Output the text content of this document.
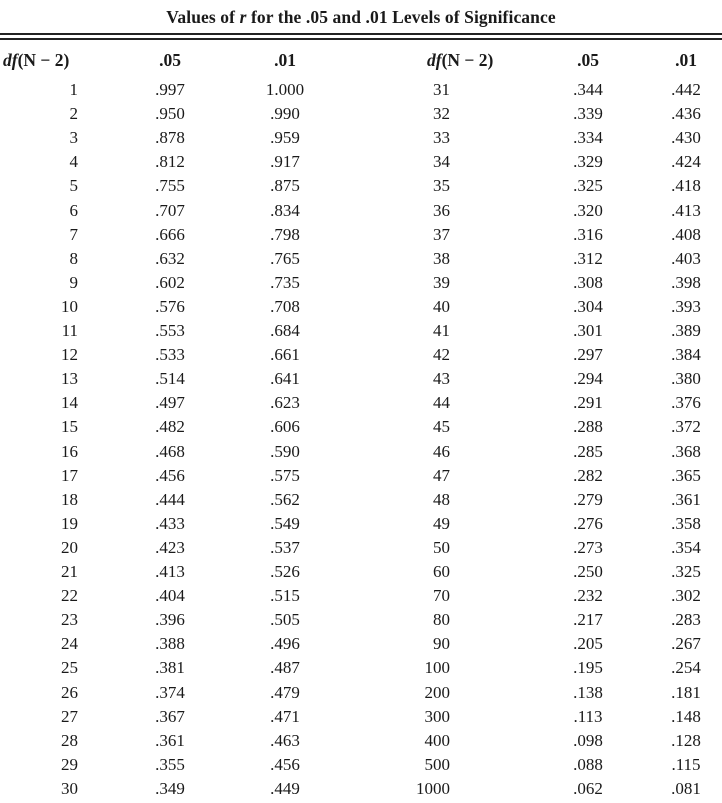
Values of r for the .05 and .01 Levels of Significance
df(N − 2)	.05	.01	df(N − 2)	.05	.01
1	.997	1.000	31	.344	.442
2	.950	.990	32	.339	.436
3	.878	.959	33	.334	.430
4	.812	.917	34	.329	.424
5	.755	.875	35	.325	.418
6	.707	.834	36	.320	.413
7	.666	.798	37	.316	.408
8	.632	.765	38	.312	.403
9	.602	.735	39	.308	.398
10	.576	.708	40	.304	.393
11	.553	.684	41	.301	.389
12	.533	.661	42	.297	.384
13	.514	.641	43	.294	.380
14	.497	.623	44	.291	.376
15	.482	.606	45	.288	.372
16	.468	.590	46	.285	.368
17	.456	.575	47	.282	.365
18	.444	.562	48	.279	.361
19	.433	.549	49	.276	.358
20	.423	.537	50	.273	.354
21	.413	.526	60	.250	.325
22	.404	.515	70	.232	.302
23	.396	.505	80	.217	.283
24	.388	.496	90	.205	.267
25	.381	.487	100	.195	.254
26	.374	.479	200	.138	.181
27	.367	.471	300	.113	.148
28	.361	.463	400	.098	.128
29	.355	.456	500	.088	.115
30	.349	.449	1000	.062	.081
